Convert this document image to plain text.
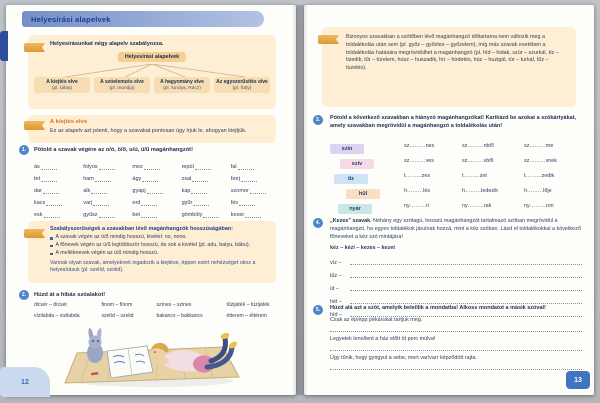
Helyesírási alapelvek
Helyesírásunkat négy alapelv szabályozza.
Helyesírási alapelvek
A kiejtés elve
(pl. tábla)
A szóelemzés elve
(pl. mondja)
A hagyomány elve
(pl. furulya, Rácz)
Az egyszerűsítés elve
(pl. fütty)
A kiejtés elve
Ez az alapelv azt jelenti, hogy a szavakat pontosan úgy írjuk le, ahogyan kiejtjük.
1.	Pótold a szavak végére az o/ó, ö/ő, u/ú, ü/ű magánhangzót!
ás	folyos	mez	repül	fal
tet	ham	ágy	zsal	borj
dar	alk	gyapj	kap	szomor
kacs	varj	erd	gyűr	fés
esk	gyűsz	bet	gömböly	keser
Szabályszerűségek a szavakban lévő magánhangzók hosszúságában:
A szavak végén az ó/ő mindig hosszú, kivétel: no, nono.
A főnevek végén az ú/ű legtöbbször hosszú, de sok a kivétel (pl. adu, batyu, bábu).
A melléknevek végén az ú/ű mindig hosszú.
Vannak olyan szavak, amelyeknek ingadozik a kiejtése, éppen ezért nehézséget okoz a helyesírásuk (pl. szelíd, szolid).
2.	Húzd át a hibás szóalakot!
dicsér – dícsér	finom – fínom	színes – szines	tűzijáték – tüzijáték
vízilabda – vizilabda	szelíd – szelid	bakancs – bakkancs	étterem – éttérem
12
Bizonyos szavakban a szótőben lévő magánhangzó időtartama nem változik meg a toldalékolás után sem (pl. győz – győztes – győzelem), míg más szavak esetében a toldalékolás hatására megrövidülhet a magánhangzó (pl. híd – hidak, szúr – szurkál, tíz – tizedik, tűr – türelem, húsz – huszadik, hír – hirdetés, húz – huzigál, túr – turkál, tűz – tüzelés).
3.	Pótold a következő szavakban a hiányzó magánhangzókat! Karikázd be azokat a szókártyákat, amely szavakban megrövidül a magánhangzó a toldalékolás után!
szín	sz………nes	sz………nből	sz………nre
szív	sz………ves	sz………vből	sz………vnek
tíz	t………zes	t………zet	t………zedik
hűl	h………lés	h………ledezik	h………lője
nyár	ny………ri	ny………rak	ny………ron
4.	„Kezes” szavak. Néhány egy szótagú, hosszú magánhangzót tartalmazó szóban megrövidül a magánhangzó, ha egyes toldalékok járulnak hozzá, mint a kéz szóban. Lásd el toldalékokkal a következő főneveket a kéz szó mintájára!
kéz – kézi – kezes – kezet
víz –
tűz –
út –
hét –
híd –
5.	Húzd alá azt a szót, amelyik beleillik a mondatba! Alkoss mondatot a másik szóval!
Csak az ép/épp pékárukat tartjuk meg.
Legyetek lenn/lent a ház előtt öt perc múlva!
Úgy tűnik, hogy gyógyul a sebe, mert var/varr képződött rajta.
13
